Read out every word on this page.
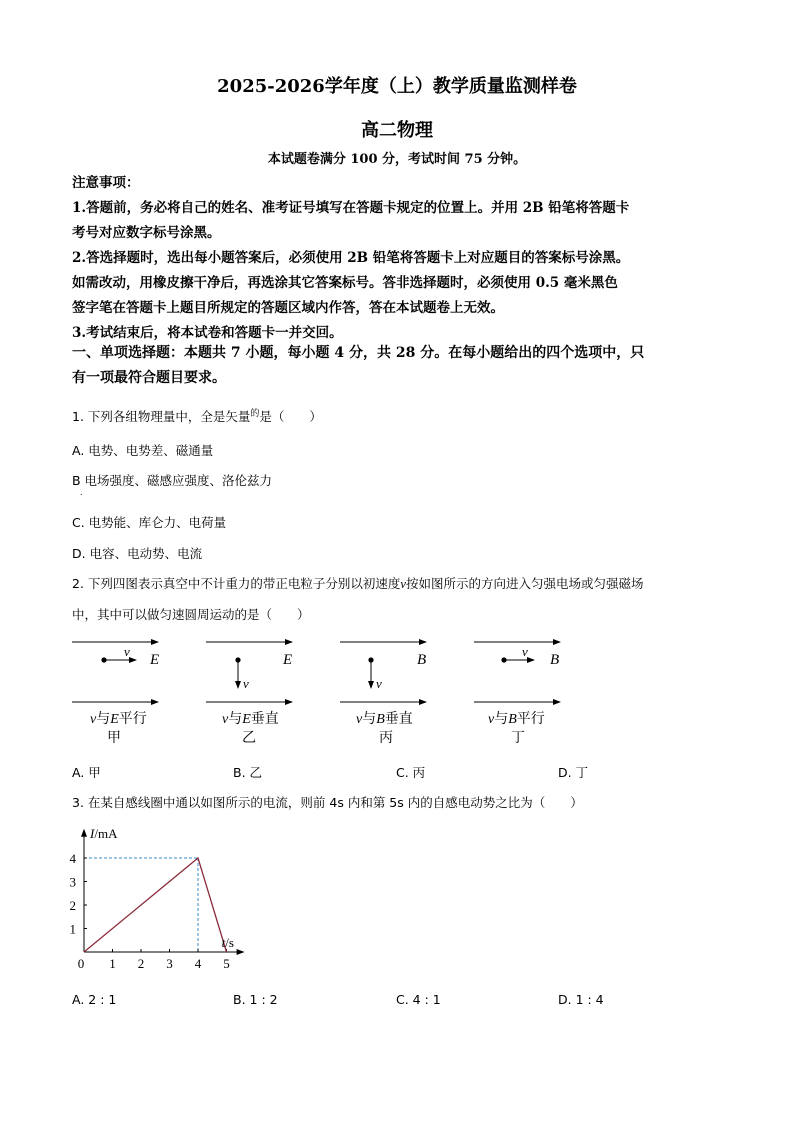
2025-2026学年度（上）教学质量监测样卷
高二物理
本试题卷满分 100 分，考试时间 75 分钟。

注意事项：

1.答题前，务必将自己的姓名、准考证号填写在答题卡规定的位置上。并用 2B 铅笔将答题卡

考号对应数字标号涂黑。

2.答选择题时，选出每小题答案后，必须使用 2B 铅笔将答题卡上对应题目的答案标号涂黑。

如需改动，用橡皮擦干净后，再选涂其它答案标号。答非选择题时，必须使用 0.5 毫米黑色

签字笔在答题卡上题目所规定的答题区域内作答，答在本试题卷上无效。

3.考试结束后，将本试卷和答题卡一并交回。

一、单项选择题：本题共 7 小题，每小题 4 分，共 28 分。在每小题给出的四个选项中，只
有一项最符合题目要求。
1. 下列各组物理量中，全是矢量$^的$是（　　）
A. 电势、电势差、磁通量
B 电场强度、磁感应强度、洛伦兹力
.
C. 电势能、库仑力、电荷量
D. 电容、电动势、电流
2. 下列四图表示真空中不计重力的带正电粒子分别以初速度v按如图所示的方向进入匀强电场或匀强磁场
中，其中可以做匀速圆周运动的是（　　）
v
E
v与E平行
甲
v
E
v与E垂直
乙
v
B
v与B垂直
丙
v
B
v与B平行
丁
A. 甲	B. 乙	C. 丙	D. 丁
3. 在某自感线圈中通以如图所示的电流，则前 4s 内和第 5s 内的自感电动势之比为（　　）
1 2 3 4 5
1
2
3
4
0
I/mA
t/s
A. 2 : 1	B. 1 : 2	C. 4 : 1	D. 1 : 4
